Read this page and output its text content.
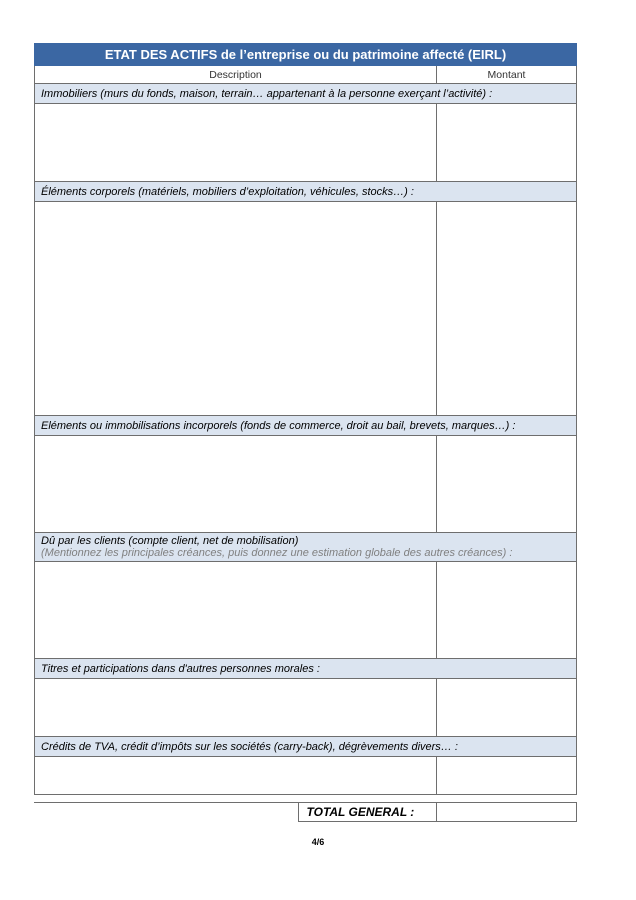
ETAT DES ACTIFS de l’entreprise ou du patrimoine affecté (EIRL)	
Description	Montant
Immobiliers (murs du fonds, maison, terrain… appartenant à la personne exerçant l’activité) :	

Éléments corporels (matériels, mobiliers d’exploitation, véhicules, stocks…) :	

Eléments ou immobilisations incorporels (fonds de commerce, droit au bail, brevets, marques…) :	

Dû par les clients (compte client, net de mobilisation)
(Mentionnez les principales créances, puis donnez une estimation globale des autres créances) :	

Titres et participations dans d'autres personnes morales :	

Crédits de TVA, crédit d’impôts sur les sociétés (carry-back), dégrèvements divers… :	

	TOTAL GENERAL :	
4/6
